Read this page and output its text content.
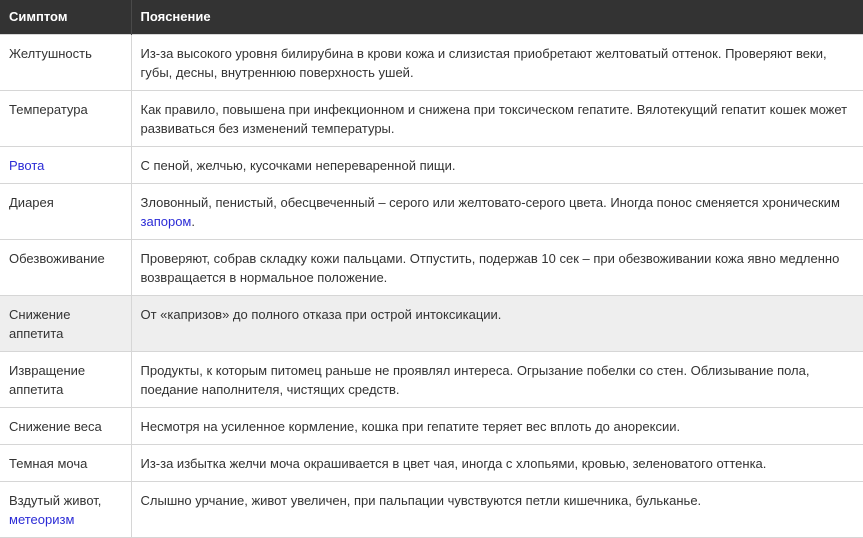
Симптом	Пояснение
Желтушность	Из-за высокого уровня билирубина в крови кожа и слизистая приобретают желтоватый оттенок. Проверяют веки, губы, десны, внутреннюю поверхность ушей.
Температура	Как правило, повышена при инфекционном и снижена при токсическом гепатите. Вялотекущий гепатит кошек может развиваться без изменений температуры.
Рвота	С пеной, желчью, кусочками непереваренной пищи.
Диарея	Зловонный, пенистый, обесцвеченный – серого или желтовато-серого цвета. Иногда понос сменяется хроническим запором.
Обезвоживание	Проверяют, собрав складку кожи пальцами. Отпустить, подержав 10 сек – при обезвоживании кожа явно медленно возвращается в нормальное положение.
Снижение аппетита	От «капризов» до полного отказа при острой интоксикации.
Извращение аппетита	Продукты, к которым питомец раньше не проявлял интереса. Огрызание побелки со стен. Облизывание пола, поедание наполнителя, чистящих средств.
Снижение веса	Несмотря на усиленное кормление, кошка при гепатите теряет вес вплоть до анорексии.
Темная моча	Из-за избытка желчи моча окрашивается в цвет чая, иногда с хлопьями, кровью, зеленоватого оттенка.
Вздутый живот, метеоризм	Слышно урчание, живот увеличен, при пальпации чувствуются петли кишечника, бульканье.
